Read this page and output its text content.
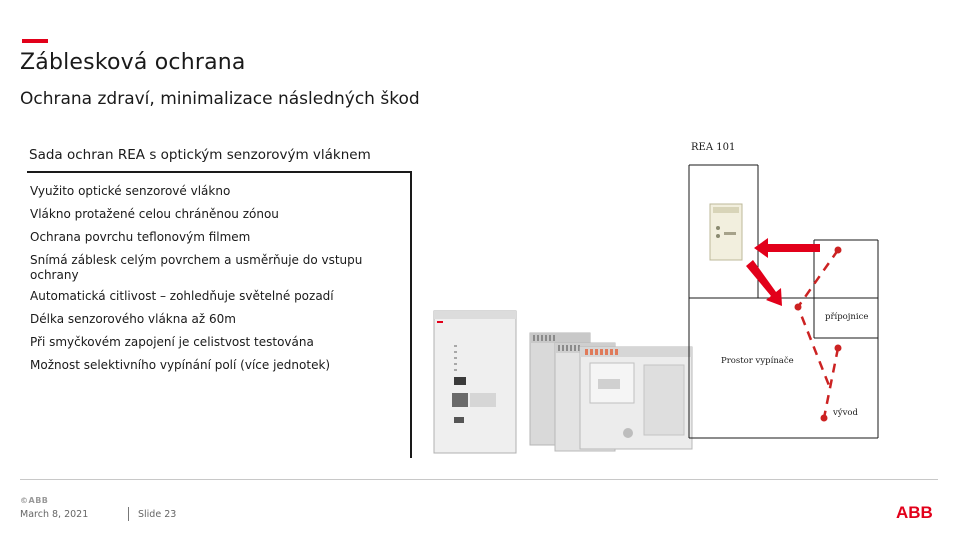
Záblesková ochrana
Ochrana zdraví, minimalizace následných škod
Sada ochran REA s optickým senzorovým vláknem
Využito optické senzorové vlákno
Vlákno protažené celou chráněnou zónou
Ochrana povrchu teflonovým filmem
Snímá záblesk celým povrchem a usměrňuje do vstupu ochrany
Automatická citlivost – zohledňuje světelné pozadí
Délka senzorového vlákna až 60m
Při smyčkovém zapojení je celistvost testována
Možnost selektivního vypínání polí (více jednotek)
REA 101
přípojnice
Prostor vypínače
vývod
©ABB
March 8, 2021	Slide 23	ABB
